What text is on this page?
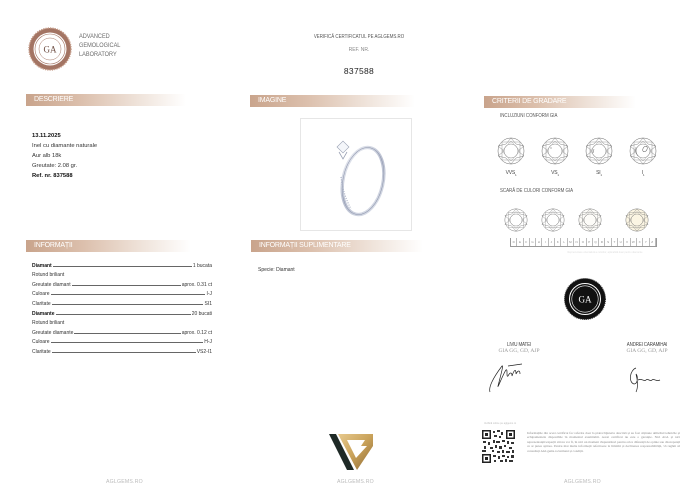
GA
ADVANCED
GEMOLOGICAL
LABORATORY
VERIFICĂ CERTIFICATUL PE AGLGEMS.RO
REF. NR.
837588
DESCRIERE	IMAGINE	CRITERII DE GRADARE
INFORMAȚII	INFORMAȚII SUPLIMENTARE
13.11.2025
Inel cu diamante naturale
Aur alb 18k
Greutate: 2.08 gr.
Ref. nr. 837588
Diamant	1 bucata
Rotund briliant
Greutate diamant	aprox. 0.31 ct
Culoare	I-J
Claritate	SI1
Diamante	20 bucati
Rotund briliant
Greutate diamante	aprox. 0.12 ct
Culoare	H-J
Claritate	VS2-I1
Specie: Diamant
INCLUZIUNI CONFORM GIA
$VVS_1$	$VS_1$	$SI_1$	$I_1$
SCARĂ DE CULORI CONFORM GIA
D	E	F	G	H	I	J	K	L	M	N	O	P	Q	R	S	T	U	V	W	X	Y	Z
Reprezentare orientativă a culorilor, aplicabilă doar pentru diamante
GA
LIVIU MATEI
GIA GG, GD, AJP
ANDREI CARAMIHAI
GIA GG, GD, AJP
Verifică online pe aglgems.ro
Informațiile din acest certificat fac referire doar la piatra/bijuteria descrisă și au fost obținute utilizând tehnicile și echipamentele disponibile în momentul examinării. Acest certificat nu este o garanție. Nici AGL și nici reprezentanții/experții săi nu vor fi, în nici un moment răspunzători pentru orice diferență de opinie sau discrepanță ce ar putea apărea. Pentru mai multe informații referitoare la limitări și declinarea responsabilității, vă rugăm să consultați AGLgems.ro/termeni și condiții.
AGLGEMS.RO	AGLGEMS.RO	AGLGEMS.RO
